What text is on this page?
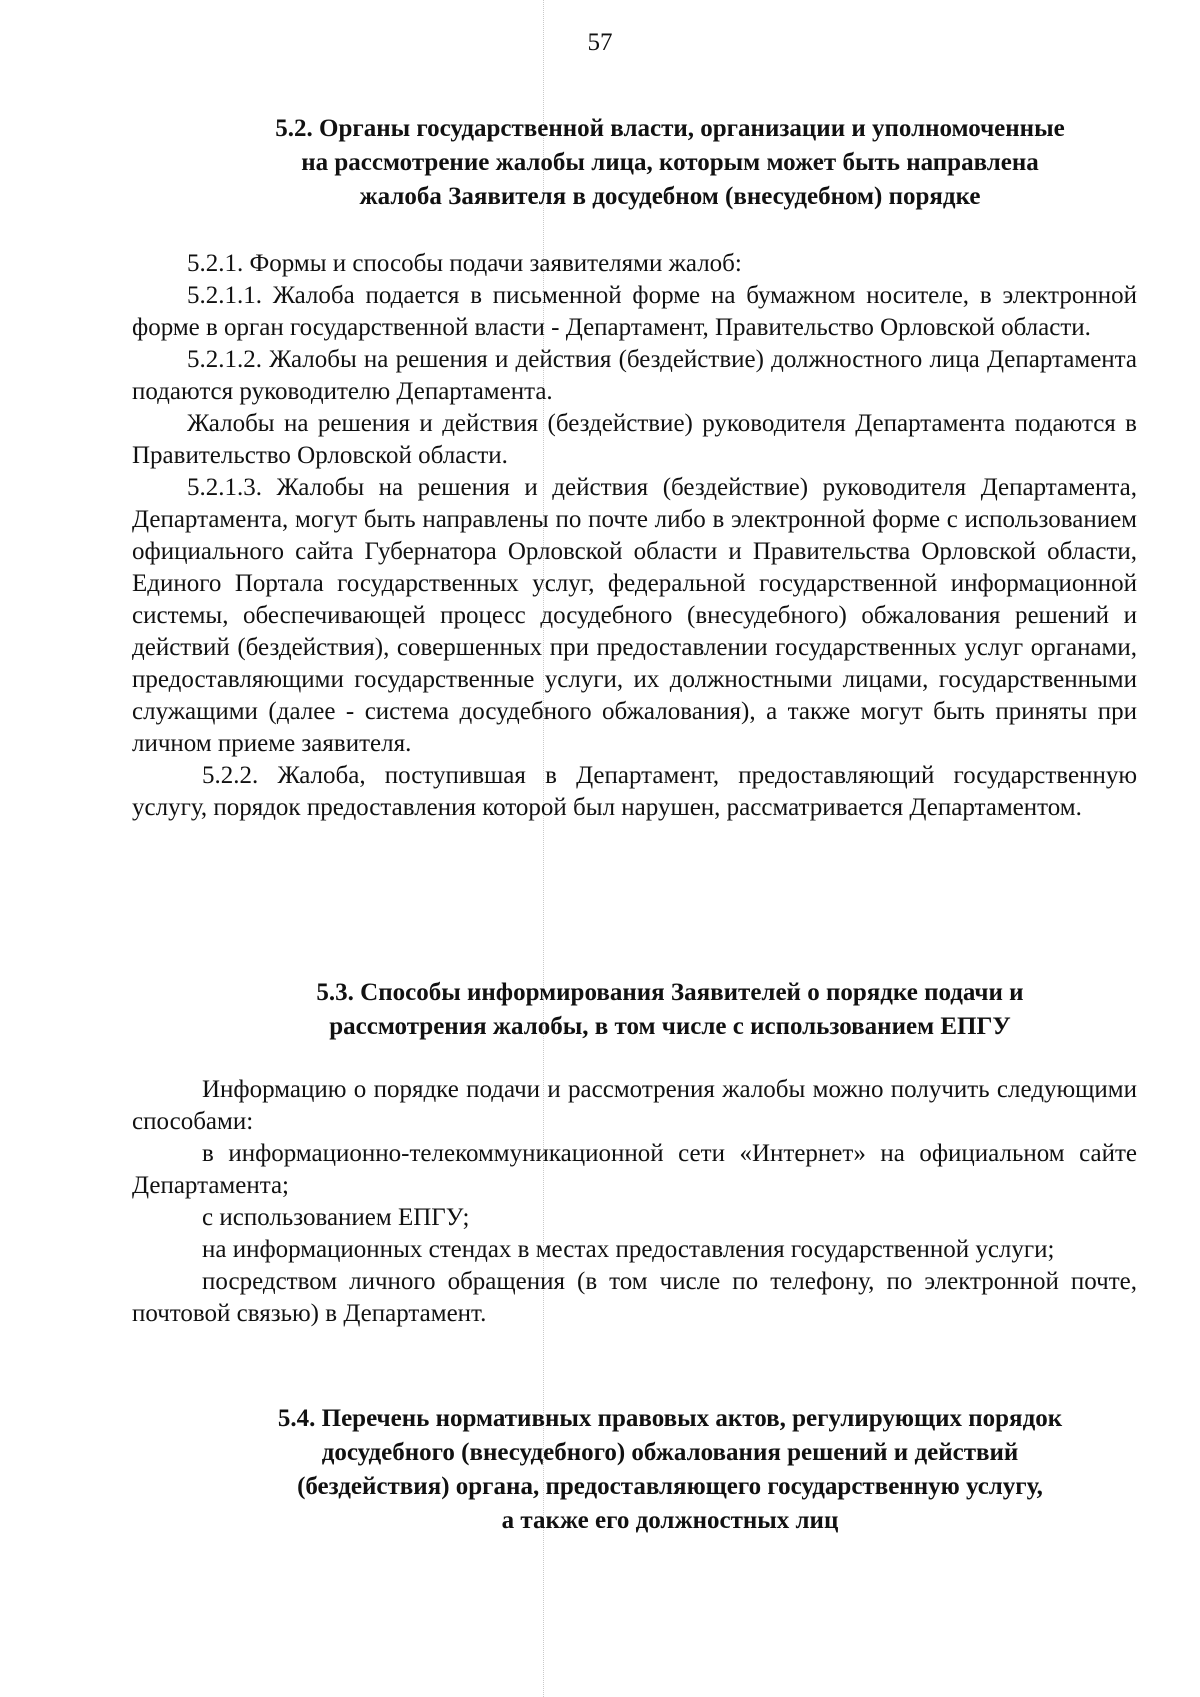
57
5.2. Органы государственной власти, организации и уполномоченные
на рассмотрение жалобы лица, которым может быть направлена
жалоба Заявителя в досудебном (внесудебном) порядке

5.2.1. Формы и способы подачи заявителями жалоб:

5.2.1.1. Жалоба подается в письменной форме на бумажном носителе, в электронной форме в орган государственной власти - Департамент, Правительство Орловской области.

5.2.1.2. Жалобы на решения и действия (бездействие) должностного лица Департамента подаются руководителю Департамента.

Жалобы на решения и действия (бездействие) руководителя Департамента подаются в Правительство Орловской области.

5.2.1.3. Жалобы на решения и действия (бездействие) руководителя Департамента, Департамента, могут быть направлены по почте либо в электронной форме с использованием официального сайта Губернатора Орловской области и Правительства Орловской области, Единого Портала государственных услуг, федеральной государственной информационной системы, обеспечивающей процесс досудебного (внесудебного) обжалования решений и действий (бездействия), совершенных при предоставлении государственных услуг органами, предоставляющими государственные услуги, их должностными лицами, государственными служащими (далее - система досудебного обжалования), а также могут быть приняты при личном приеме заявителя.

5.2.2. Жалоба, поступившая в Департамент, предоставляющий государственную услугу, порядок предоставления которой был нарушен, рассматривается Департаментом.

5.3. Способы информирования Заявителей о порядке подачи и
рассмотрения жалобы, в том числе с использованием ЕПГУ

Информацию о порядке подачи и рассмотрения жалобы можно получить следующими способами:

в информационно-телекоммуникационной сети «Интернет» на официальном сайте Департамента;

с использованием ЕПГУ;

на информационных стендах в местах предоставления государственной услуги;

посредством личного обращения (в том числе по телефону, по электронной почте, почтовой связью) в Департамент.

5.4. Перечень нормативных правовых актов, регулирующих порядок
досудебного (внесудебного) обжалования решений и действий
(бездействия) органа, предоставляющего государственную услугу,
а также его должностных лиц
